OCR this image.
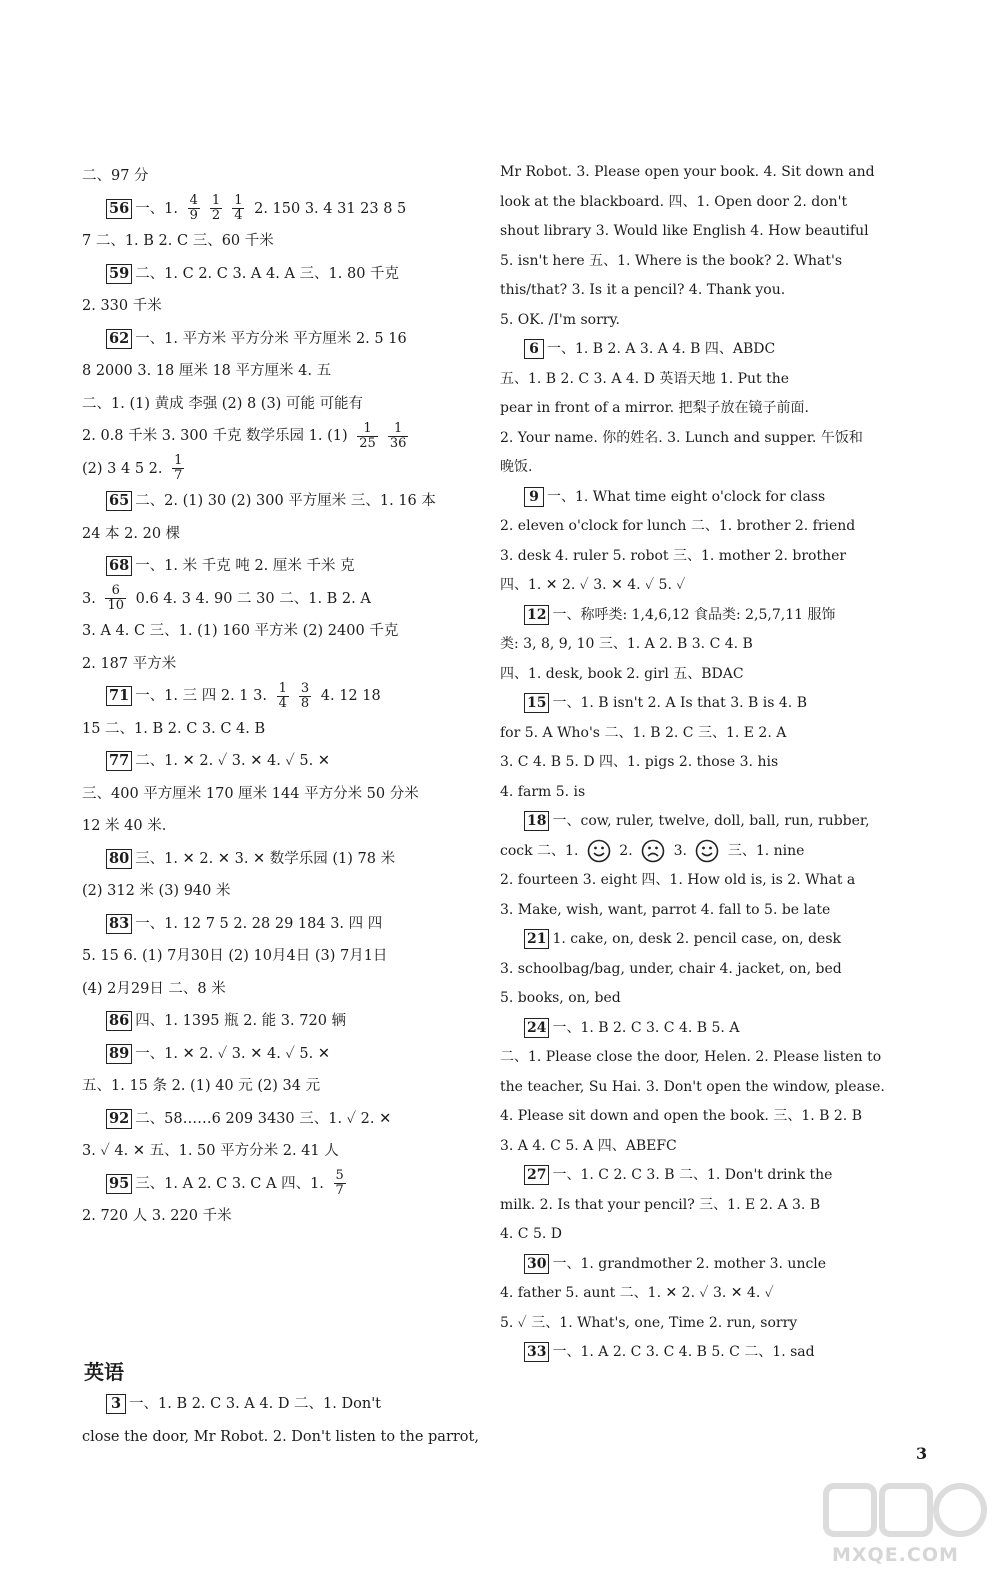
二、97 分
56 一、1. $\frac{4}{9} \frac{1}{2} \frac{1}{4} 2$. 150 3. 4 31 23 8 5
7 二、1. B 2. C 三、60 千米
59 二、1. C 2. C 3. A 4. A 三、1. 80 千克
2. 330 千米
62 一、1. 平方米 平方分米 平方厘米 2. 5 16
8 2000 3. 18 厘米 18 平方厘米 4. 五
二、1. (1) 黄成 李强 (2) 8 (3) 可能 可能有
2. 0.8 千米 3. 300 千克 数学乐园 1. $(1) \frac{1}{25} \frac{1}{36}$
(2) 3 4 5 2. $\frac{1}{7}$
65 二、2. (1) 30 (2) 300 平方厘米 三、1. 16 本
24 本 2. 20 棵
68 一、1. 米 千克 吨 2. 厘米 千米 克
3. $\frac{6}{10} 0.6$ 4. 3 4. 90 二 30 二、1. B 2. A
3. A 4. C 三、1. (1) 160 平方米 (2) 2400 千克
2. 187 平方米
71 一、1. 三 四 2. 1 3. $\frac{1}{4} \frac{3}{8} 4$. 12 18
15 二、1. B 2. C 3. C 4. B
77 二、1. ✕ 2. ✓ 3. ✕ 4. ✓ 5. ✕
三、400 平方厘米 170 厘米 144 平方分米 50 分米
12 米 40 米.
80 三、1. ✕ 2. ✕ 3. ✕ 数学乐园 (1) 78 米
(2) 312 米 (3) 940 米
83 一、1. 12 7 5 2. 28 29 184 3. 四 四
5. 15 6. (1) 7月30日 (2) 10月4日 (3) 7月1日
(4) 2月29日 二、8 米
86 四、1. 1395 瓶 2. 能 3. 720 辆
89 一、1. ✕ 2. ✓ 3. ✕ 4. ✓ 5. ✕
五、1. 15 条 2. (1) 40 元 (2) 34 元
92 二、58……6 209 3430 三、1. ✓ 2. ✕
3. ✓ 4. ✕ 五、1. 50 平方分米 2. 41 人
95 三、1. A 2. C 3. C A 四、1. $\frac{5}{7}$
2. 720 人 3. 220 千米
英语
3 一、1. B 2. C 3. A 4. D 二、1. Don't
close the door, Mr Robot. 2. Don't listen to the parrot,
Mr Robot. 3. Please open your book. 4. Sit down and
look at the blackboard. 四、1. Open door 2. don't
shout library 3. Would like English 4. How beautiful
5. isn't here 五、1. Where is the book? 2. What's
this/that? 3. Is it a pencil? 4. Thank you.
5. OK. /I'm sorry.
6 一、1. B 2. A 3. A 4. B 四、ABDC
五、1. B 2. C 3. A 4. D 英语天地 1. Put the
pear in front of a mirror. 把梨子放在镜子前面.
2. Your name. 你的姓名. 3. Lunch and supper. 午饭和
晚饭.
9 一、1. What time eight o'clock for class
2. eleven o'clock for lunch 二、1. brother 2. friend
3. desk 4. ruler 5. robot 三、1. mother 2. brother
四、1. ✕ 2. ✓ 3. ✕ 4. ✓ 5. ✓
12 一、称呼类: 1,4,6,12 食品类: 2,5,7,11 服饰
类: 3, 8, 9, 10 三、1. A 2. B 3. C 4. B
四、1. desk, book 2. girl 五、BDAC
15 一、1. B isn't 2. A Is that 3. B is 4. B
for 5. A Who's 二、1. B 2. C 三、1. E 2. A
3. C 4. B 5. D 四、1. pigs 2. those 3. his
4. farm 5. is
18 一、cow, ruler, twelve, doll, ball, run, rubber,
cock 二、1.  2.  3.  三、1. nine
2. fourteen 3. eight 四、1. How old is, is 2. What a
3. Make, wish, want, parrot 4. fall to 5. be late
21 1. cake, on, desk 2. pencil case, on, desk
3. schoolbag/bag, under, chair 4. jacket, on, bed
5. books, on, bed
24 一、1. B 2. C 3. C 4. B 5. A
二、1. Please close the door, Helen. 2. Please listen to
the teacher, Su Hai. 3. Don't open the window, please.
4. Please sit down and open the book. 三、1. B 2. B
3. A 4. C 5. A 四、ABEFC
27 一、1. C 2. C 3. B 二、1. Don't drink the
milk. 2. Is that your pencil? 三、1. E 2. A 3. B
4. C 5. D
30 一、1. grandmother 2. mother 3. uncle
4. father 5. aunt 二、1. ✕ 2. ✓ 3. ✕ 4. ✓
5. ✓ 三、1. What's, one, Time 2. run, sorry
33 一、1. A 2. C 3. C 4. B 5. C 二、1. sad
3
MXQE.COM
